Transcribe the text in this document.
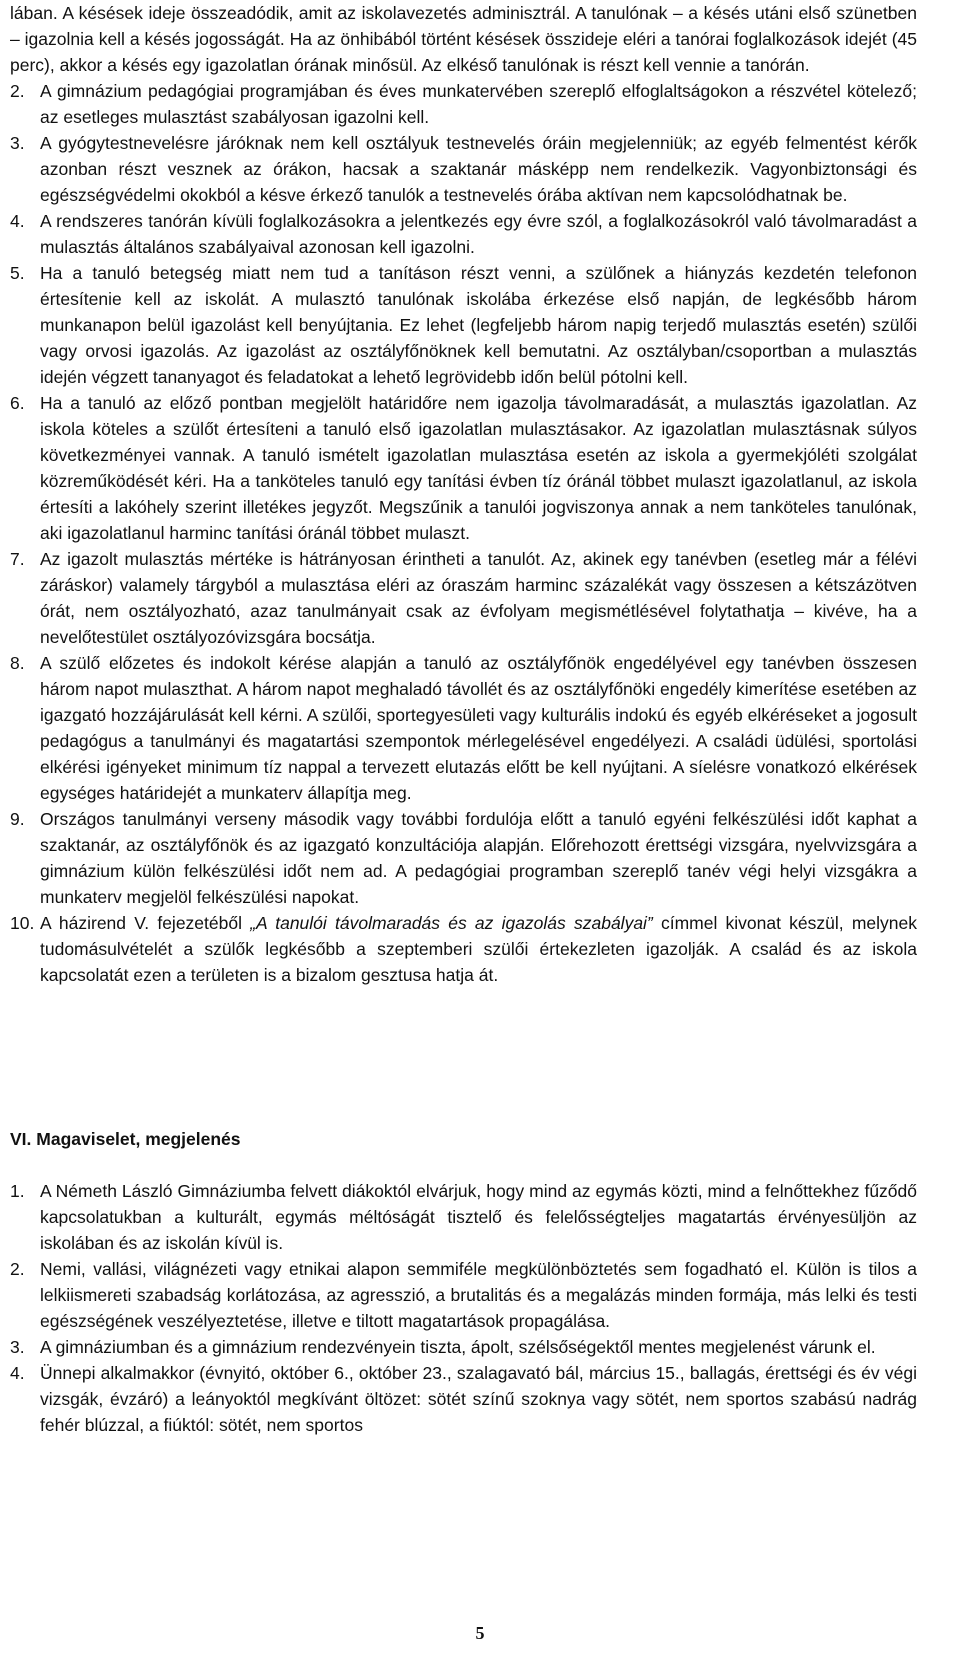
lában. A késések ideje összeadódik, amit az iskolavezetés adminisztrál. A tanulónak – a késés utáni első szünetben – igazolnia kell a késés jogosságát. Ha az önhibából történt késések összideje eléri a tanórai foglalkozások idejét (45 perc), akkor a késés egy igazolatlan órának minősül. Az elkéső tanulónak is részt kell vennie a tanórán.

2. A gimnázium pedagógiai programjában és éves munkatervében szereplő elfoglaltságokon a részvétel kötelező; az esetleges mulasztást szabályosan igazolni kell.
3. A gyógytestnevelésre járóknak nem kell osztályuk testnevelés óráin megjelenniük; az egyéb felmentést kérők azonban részt vesznek az órákon, hacsak a szaktanár másképp nem rendelkezik. Vagyonbiztonsági és egészségvédelmi okokból a késve érkező tanulók a testnevelés órába aktívan nem kapcsolódhatnak be.
4. A rendszeres tanórán kívüli foglalkozásokra a jelentkezés egy évre szól, a foglalkozásokról való távolmaradást a mulasztás általános szabályaival azonosan kell igazolni.
5. Ha a tanuló betegség miatt nem tud a tanításon részt venni, a szülőnek a hiányzás kezdetén telefonon értesítenie kell az iskolát. A mulasztó tanulónak iskolába érkezése első napján, de legkésőbb három munkanapon belül igazolást kell benyújtania. Ez lehet (legfeljebb három napig terjedő mulasztás esetén) szülői vagy orvosi igazolás. Az igazolást az osztályfőnöknek kell bemutatni. Az osztályban/csoportban a mulasztás idején végzett tananyagot és feladatokat a lehető legrövidebb időn belül pótolni kell.
6. Ha a tanuló az előző pontban megjelölt határidőre nem igazolja távolmaradását, a mulasztás igazolatlan. Az iskola köteles a szülőt értesíteni a tanuló első igazolatlan mulasztásakor. Az igazolatlan mulasztásnak súlyos következményei vannak. A tanuló ismételt igazolatlan mulasztása esetén az iskola a gyermekjóléti szolgálat közreműködését kéri. Ha a tanköteles tanuló egy tanítási évben tíz óránál többet mulaszt igazolatlanul, az iskola értesíti a lakóhely szerint illetékes jegyzőt. Megszűnik a tanulói jogviszonya annak a nem tanköteles tanulónak, aki igazolatlanul harminc tanítási óránál többet mulaszt.
7. Az igazolt mulasztás mértéke is hátrányosan érintheti a tanulót. Az, akinek egy tanévben (esetleg már a félévi záráskor) valamely tárgyból a mulasztása eléri az óraszám harminc százalékát vagy összesen a kétszázötven órát, nem osztályozható, azaz tanulmányait csak az évfolyam megismétlésével folytathatja – kivéve, ha a nevelőtestület osztályozóvizsgára bocsátja.
8. A szülő előzetes és indokolt kérése alapján a tanuló az osztályfőnök engedélyével egy tanévben összesen három napot mulaszthat. A három napot meghaladó távollét és az osztályfőnöki engedély kimerítése esetében az igazgató hozzájárulását kell kérni. A szülői, sportegyesületi vagy kulturális indokú és egyéb elkéréseket a jogosult pedagógus a tanulmányi és magatartási szempontok mérlegelésével engedélyezi. A családi üdülési, sportolási elkérési igényeket minimum tíz nappal a tervezett elutazás előtt be kell nyújtani. A síelésre vonatkozó elkérések egységes határidejét a munkaterv állapítja meg.
9. Országos tanulmányi verseny második vagy további fordulója előtt a tanuló egyéni felkészülési időt kaphat a szaktanár, az osztályfőnök és az igazgató konzultációja alapján. Előrehozott érettségi vizsgára, nyelvvizsgára a gimnázium külön felkészülési időt nem ad. A pedagógiai programban szereplő tanév végi helyi vizsgákra a munkaterv megjelöl felkészülési napokat.
10. A házirend V. fejezetéből „A tanulói távolmaradás és az igazolás szabályai” címmel kivonat készül, melynek tudomásulvételét a szülők legkésőbb a szeptemberi szülői értekezleten igazolják. A család és az iskola kapcsolatát ezen a területen is a bizalom gesztusa hatja át.

VI. Magaviselet, megjelenés

1. A Németh László Gimnáziumba felvett diákoktól elvárjuk, hogy mind az egymás közti, mind a felnőttekhez fűződő kapcsolatukban a kulturált, egymás méltóságát tisztelő és felelősségteljes magatartás érvényesüljön az iskolában és az iskolán kívül is.
2. Nemi, vallási, világnézeti vagy etnikai alapon semmiféle megkülönböztetés sem fogadható el. Külön is tilos a lelkiismereti szabadság korlátozása, az agresszió, a brutalitás és a megalázás minden formája, más lelki és testi egészségének veszélyeztetése, illetve e tiltott magatartások propagálása.
3. A gimnáziumban és a gimnázium rendezvényein tiszta, ápolt, szélsőségektől mentes megjelenést várunk el.
4. Ünnepi alkalmakkor (évnyitó, október 6., október 23., szalagavató bál, március 15., ballagás, érettségi és év végi vizsgák, évzáró) a leányoktól megkívánt öltözet: sötét színű szoknya vagy sötét, nem sportos szabású nadrág fehér blúzzal, a fiúktól: sötét, nem sportos
5
